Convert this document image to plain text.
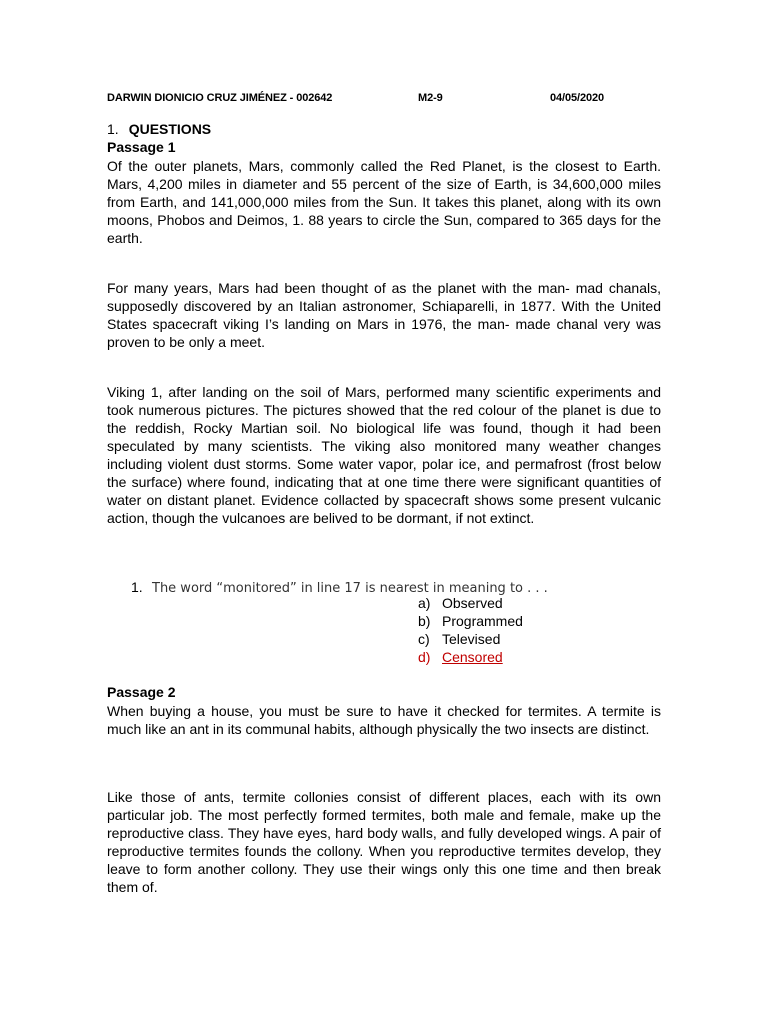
DARWIN DIONICIO CRUZ JIMÉNEZ - 002642	M2-9	04/05/2020
1. QUESTIONS
Passage 1
Of the outer planets, Mars, commonly called the Red Planet, is the closest to Earth. Mars, 4,200 miles in diameter and 55 percent of the size of Earth, is 34,600,000 miles from Earth, and 141,000,000 miles from the Sun. It takes this planet, along with its own moons, Phobos and Deimos, 1. 88 years to circle the Sun, compared to 365 days for the earth.
For many years, Mars had been thought of as the planet with the man- mad chanals, supposedly discovered by an Italian astronomer, Schiaparelli, in 1877. With the United States spacecraft viking I’s landing on Mars in 1976, the man- made chanal very was proven to be only a meet.
Viking 1, after landing on the soil of Mars, performed many scientific experiments and took numerous pictures. The pictures showed that the red colour of the planet is due to the reddish, Rocky Martian soil. No biological life was found, though it had been speculated by many scientists. The viking also monitored many weather changes including violent dust storms. Some water vapor, polar ice, and permafrost (frost below the surface) where found, indicating that at one time there were significant quantities of water on distant planet. Evidence collacted by spacecraft shows some present vulcanic action, though the vulcanoes are belived to be dormant, if not extinct.
1. The word “monitored” in line 17 is nearest in meaning to . . .
a) Observed
b) Programmed
c) Televised
d) Censored
Passage 2
When buying a house, you must be sure to have it checked for termites. A termite is much like an ant in its communal habits, although physically the two insects are distinct.
Like those of ants, termite collonies consist of different places, each with its own particular job. The most perfectly formed termites, both male and female, make up the reproductive class. They have eyes, hard body walls, and fully developed wings. A pair of reproductive termites founds the collony. When you reproductive termites develop, they leave to form another collony. They use their wings only this one time and then break them of.
